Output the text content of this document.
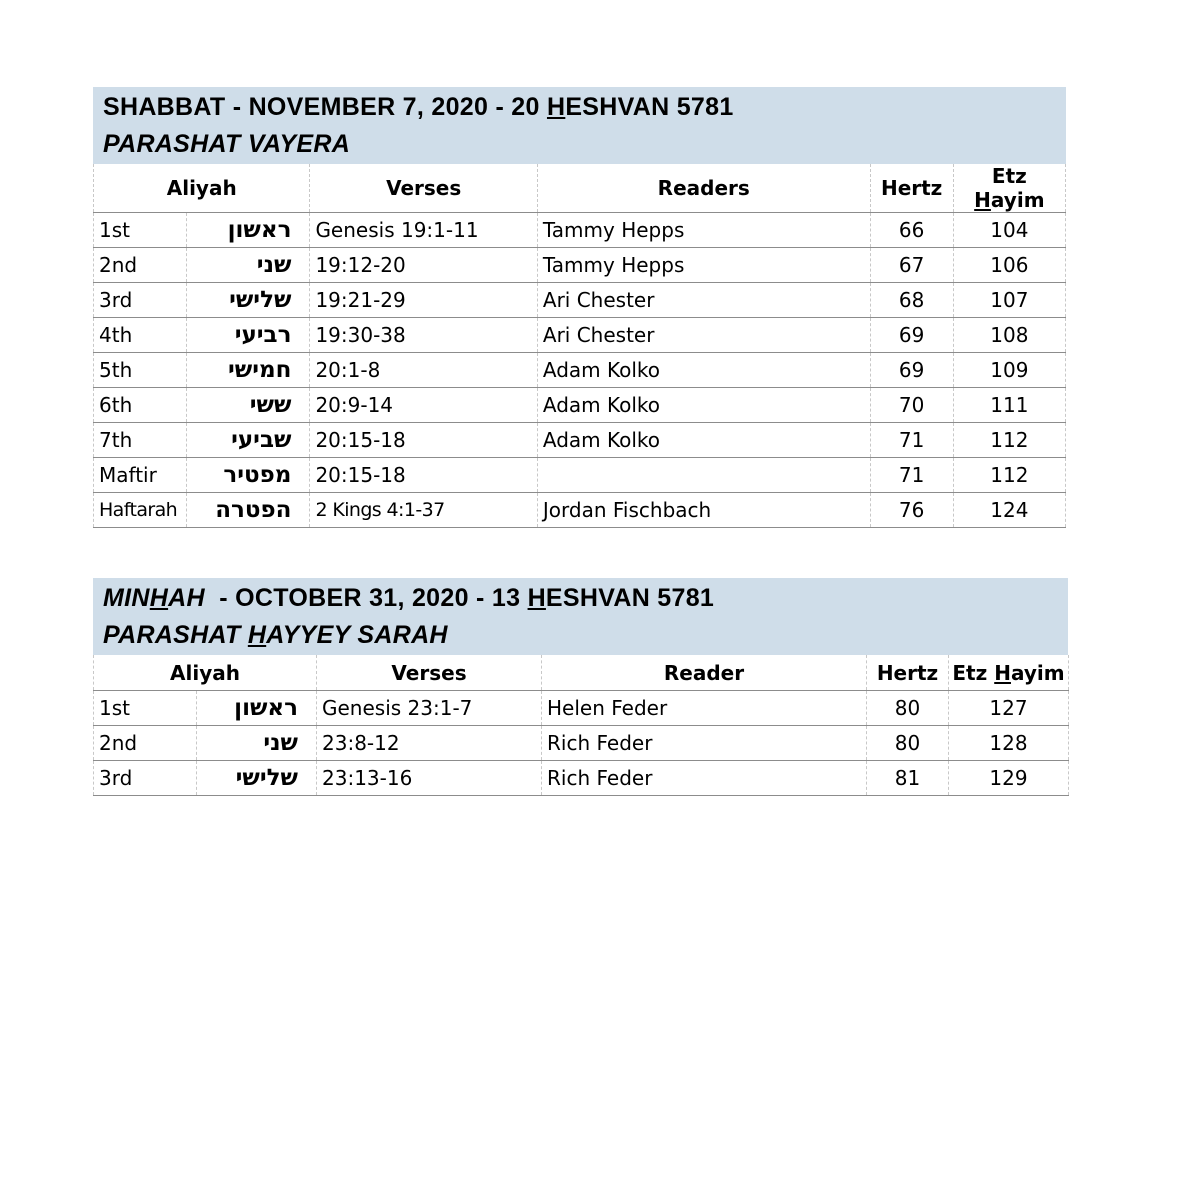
SHABBAT - NOVEMBER 7, 2020 - 20 HESHVAN 5781
PARASHAT VAYERA
Aliyah		Verses	Readers	Hertz	Etz Hayim
1st	ראשון	Genesis 19:1-11	Tammy Hepps	66	104
2nd	שני	19:12-20	Tammy Hepps	67	106
3rd	שלישי	19:21-29	Ari Chester	68	107
4th	רביעי	19:30-38	Ari Chester	69	108
5th	חמישי	20:1-8	Adam Kolko	69	109
6th	ששי	20:9-14	Adam Kolko	70	111
7th	שביעי	20:15-18	Adam Kolko	71	112
Maftir	מפטיר	20:15-18		71	112
Haftarah	הפטרה	2 Kings 4:1-37	Jordan Fischbach	76	124
MINHAH  - OCTOBER 31, 2020 - 13 HESHVAN 5781
PARASHAT HAYYEY SARAH
Aliyah		Verses	Reader	Hertz	Etz Hayim
1st	ראשון	Genesis 23:1-7	Helen Feder	80	127
2nd	שני	23:8-12	Rich Feder	80	128
3rd	שלישי	23:13-16	Rich Feder	81	129
